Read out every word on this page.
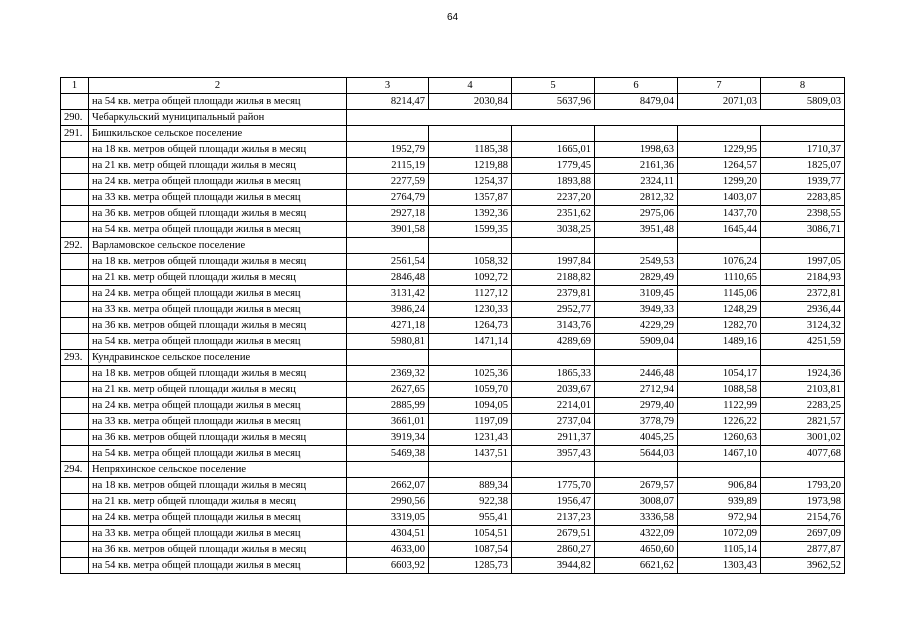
64
1	2	3	4	5	6	7	8
	на 54 кв. метра общей площади жилья в месяц	8214,47	2030,84	5637,96	8479,04	2071,03	5809,03
290.	Чебаркульский муниципальный район						
291.	Бишкильское сельское поселение						
	на 18 кв. метров общей площади жилья в месяц	1952,79	1185,38	1665,01	1998,63	1229,95	1710,37
	на 21 кв. метр общей площади жилья в месяц	2115,19	1219,88	1779,45	2161,36	1264,57	1825,07
	на 24 кв. метра общей площади жилья в месяц	2277,59	1254,37	1893,88	2324,11	1299,20	1939,77
	на 33 кв. метра общей площади жилья в месяц	2764,79	1357,87	2237,20	2812,32	1403,07	2283,85
	на 36 кв. метров общей площади жилья в месяц	2927,18	1392,36	2351,62	2975,06	1437,70	2398,55
	на 54 кв. метра общей площади жилья в месяц	3901,58	1599,35	3038,25	3951,48	1645,44	3086,71
292.	Варламовское сельское поселение						
	на 18 кв. метров общей площади жилья в месяц	2561,54	1058,32	1997,84	2549,53	1076,24	1997,05
	на 21 кв. метр общей площади жилья в месяц	2846,48	1092,72	2188,82	2829,49	1110,65	2184,93
	на 24 кв. метра общей площади жилья в месяц	3131,42	1127,12	2379,81	3109,45	1145,06	2372,81
	на 33 кв. метра общей площади жилья в месяц	3986,24	1230,33	2952,77	3949,33	1248,29	2936,44
	на 36 кв. метров общей площади жилья в месяц	4271,18	1264,73	3143,76	4229,29	1282,70	3124,32
	на 54 кв. метра общей площади жилья в месяц	5980,81	1471,14	4289,69	5909,04	1489,16	4251,59
293.	Кундравинское сельское поселение						
	на 18 кв. метров общей площади жилья в месяц	2369,32	1025,36	1865,33	2446,48	1054,17	1924,36
	на 21 кв. метр общей площади жилья в месяц	2627,65	1059,70	2039,67	2712,94	1088,58	2103,81
	на 24 кв. метра общей площади жилья в месяц	2885,99	1094,05	2214,01	2979,40	1122,99	2283,25
	на 33 кв. метра общей площади жилья в месяц	3661,01	1197,09	2737,04	3778,79	1226,22	2821,57
	на 36 кв. метров общей площади жилья в месяц	3919,34	1231,43	2911,37	4045,25	1260,63	3001,02
	на 54 кв. метра общей площади жилья в месяц	5469,38	1437,51	3957,43	5644,03	1467,10	4077,68
294.	Непряхинское сельское поселение						
	на 18 кв. метров общей площади жилья в месяц	2662,07	889,34	1775,70	2679,57	906,84	1793,20
	на 21 кв. метр общей площади жилья в месяц	2990,56	922,38	1956,47	3008,07	939,89	1973,98
	на 24 кв. метра общей площади жилья в месяц	3319,05	955,41	2137,23	3336,58	972,94	2154,76
	на 33 кв. метра общей площади жилья в месяц	4304,51	1054,51	2679,51	4322,09	1072,09	2697,09
	на 36 кв. метров общей площади жилья в месяц	4633,00	1087,54	2860,27	4650,60	1105,14	2877,87
	на 54 кв. метра общей площади жилья в месяц	6603,92	1285,73	3944,82	6621,62	1303,43	3962,52
